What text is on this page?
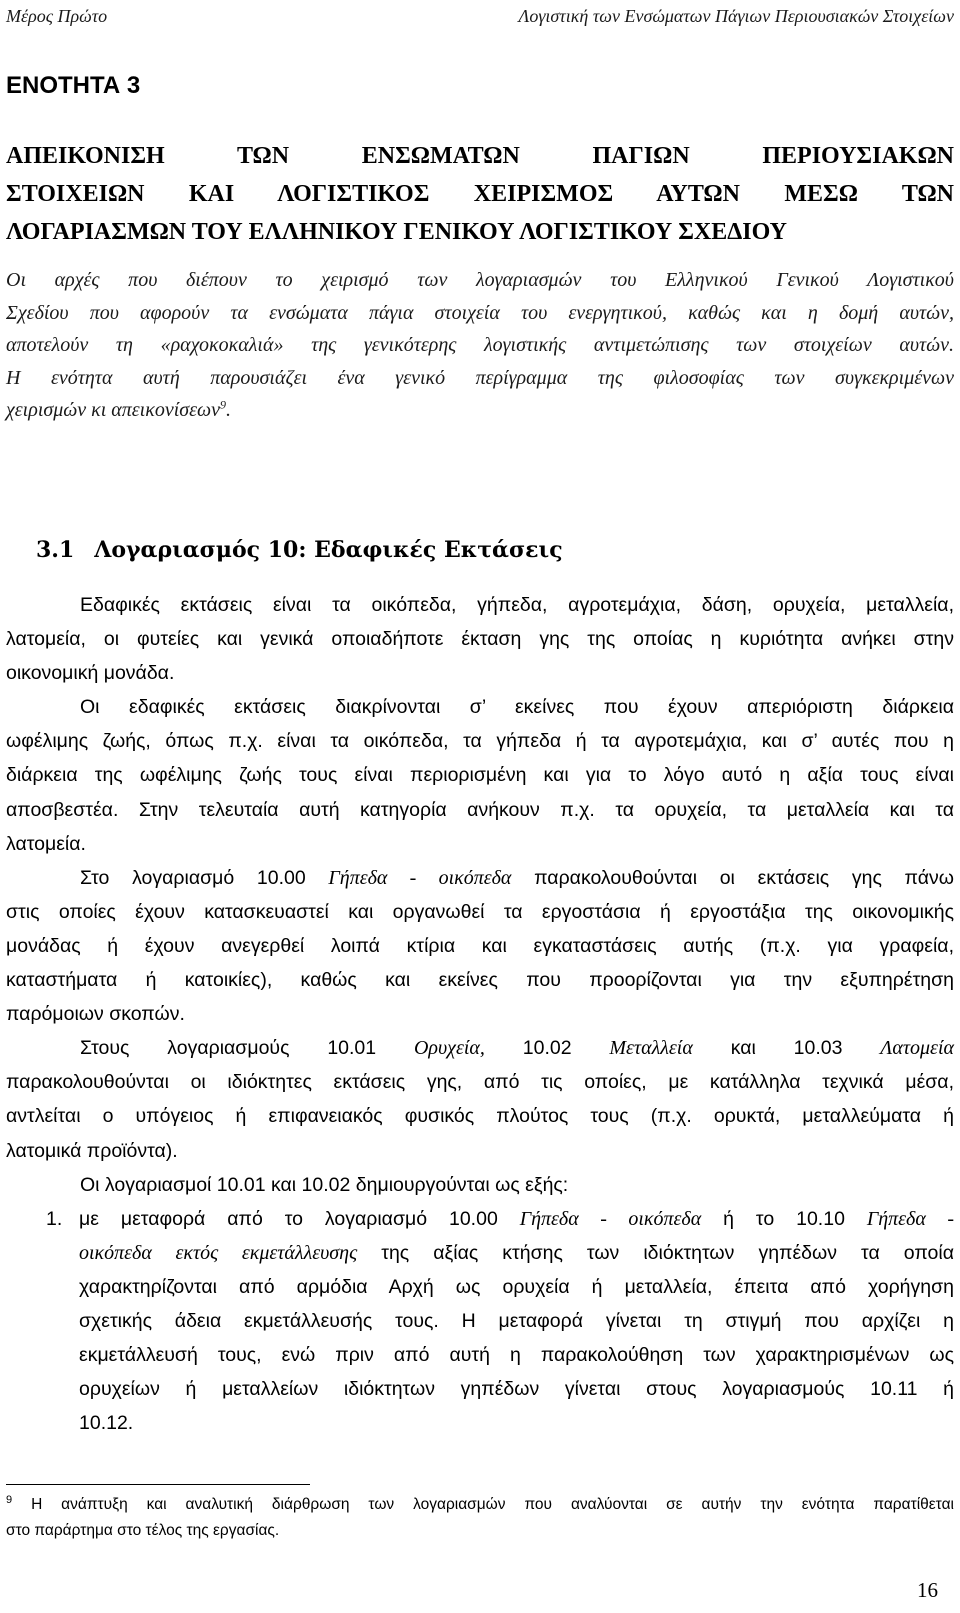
Μέρος Πρώτο	Λογιστική των Ενσώματων Πάγιων Περιουσιακών Στοιχείων
ΕΝΟΤΗΤΑ 3
ΑΠΕΙΚΟΝΙΣΗ ΤΩΝ ΕΝΣΩΜΑΤΩΝ ΠΑΓΙΩΝ ΠΕΡΙΟΥΣΙΑΚΩΝ
ΣΤΟΙΧΕΙΩΝ ΚΑΙ ΛΟΓΙΣΤΙΚΟΣ ΧΕΙΡΙΣΜΟΣ ΑΥΤΩΝ ΜΕΣΩ ΤΩΝ
ΛΟΓΑΡΙΑΣΜΩΝ ΤΟΥ ΕΛΛΗΝΙΚΟΥ ΓΕΝΙΚΟΥ ΛΟΓΙΣΤΙΚΟΥ ΣΧΕΔΙΟΥ

Οι αρχές που διέπουν το χειρισμό των λογαριασμών του Ελληνικού Γενικού Λογιστικού
Σχεδίου που αφορούν τα ενσώματα πάγια στοιχεία του ενεργητικού, καθώς και η δομή αυτών,
αποτελούν τη «ραχοκοκαλιά» της γενικότερης λογιστικής αντιμετώπισης των στοιχείων αυτών.
Η ενότητα αυτή παρουσιάζει ένα γενικό περίγραμμα της φιλοσοφίας των συγκεκριμένων
χειρισμών κι απεικονίσεων$^9$.

3.1 Λογαριασμός 10: Εδαφικές Εκτάσεις
Εδαφικές εκτάσεις είναι τα οικόπεδα, γήπεδα, αγροτεμάχια, δάση, ορυχεία, μεταλλεία,
λατομεία, οι φυτείες και γενικά οποιαδήποτε έκταση γης της οποίας η κυριότητα ανήκει στην
οικονομική μονάδα.
Οι εδαφικές εκτάσεις διακρίνονται σ’ εκείνες που έχουν απεριόριστη διάρκεια
ωφέλιμης ζωής, όπως π.χ. είναι τα οικόπεδα, τα γήπεδα ή τα αγροτεμάχια, και σ’ αυτές που η
διάρκεια της ωφέλιμης ζωής τους είναι περιορισμένη και για το λόγο αυτό η αξία τους είναι
αποσβεστέα. Στην τελευταία αυτή κατηγορία ανήκουν π.χ. τα ορυχεία, τα μεταλλεία και τα
λατομεία.
Στο λογαριασμό 10.00 Γήπεδα - οικόπεδα παρακολουθούνται οι εκτάσεις γης πάνω
στις οποίες έχουν κατασκευαστεί και οργανωθεί τα εργοστάσια ή εργοστάξια της οικονομικής
μονάδας ή έχουν ανεγερθεί λοιπά κτίρια και εγκαταστάσεις αυτής (π.χ. για γραφεία,
καταστήματα ή κατοικίες), καθώς και εκείνες που προορίζονται για την εξυπηρέτηση
παρόμοιων σκοπών.
Στους λογαριασμούς 10.01 Ορυχεία, 10.02 Μεταλλεία και 10.03 Λατομεία
παρακολουθούνται οι ιδιόκτητες εκτάσεις γης, από τις οποίες, με κατάλληλα τεχνικά μέσα,
αντλείται ο υπόγειος ή επιφανειακός φυσικός πλούτος τους (π.χ. ορυκτά, μεταλλεύματα ή
λατομικά προϊόντα).
Οι λογαριασμοί 10.01 και 10.02 δημιουργούνται ως εξής:
1. με μεταφορά από το λογαριασμό 10.00 Γήπεδα - οικόπεδα ή το 10.10 Γήπεδα -
οικόπεδα εκτός εκμετάλλευσης της αξίας κτήσης των ιδιόκτητων γηπέδων τα οποία
χαρακτηρίζονται από αρμόδια Αρχή ως ορυχεία ή μεταλλεία, έπειτα από χορήγηση
σχετικής άδεια εκμετάλλευσής τους. Η μεταφορά γίνεται τη στιγμή που αρχίζει η
εκμετάλλευσή τους, ενώ πριν από αυτή η παρακολούθηση των χαρακτηρισμένων ως
ορυχείων ή μεταλλείων ιδιόκτητων γηπέδων γίνεται στους λογαριασμούς 10.11 ή
10.12.
$^9$ Η ανάπτυξη και αναλυτική διάρθρωση των λογαριασμών που αναλύονται σε αυτήν την ενότητα παρατίθεται
στο παράρτημα στο τέλος της εργασίας.
16
